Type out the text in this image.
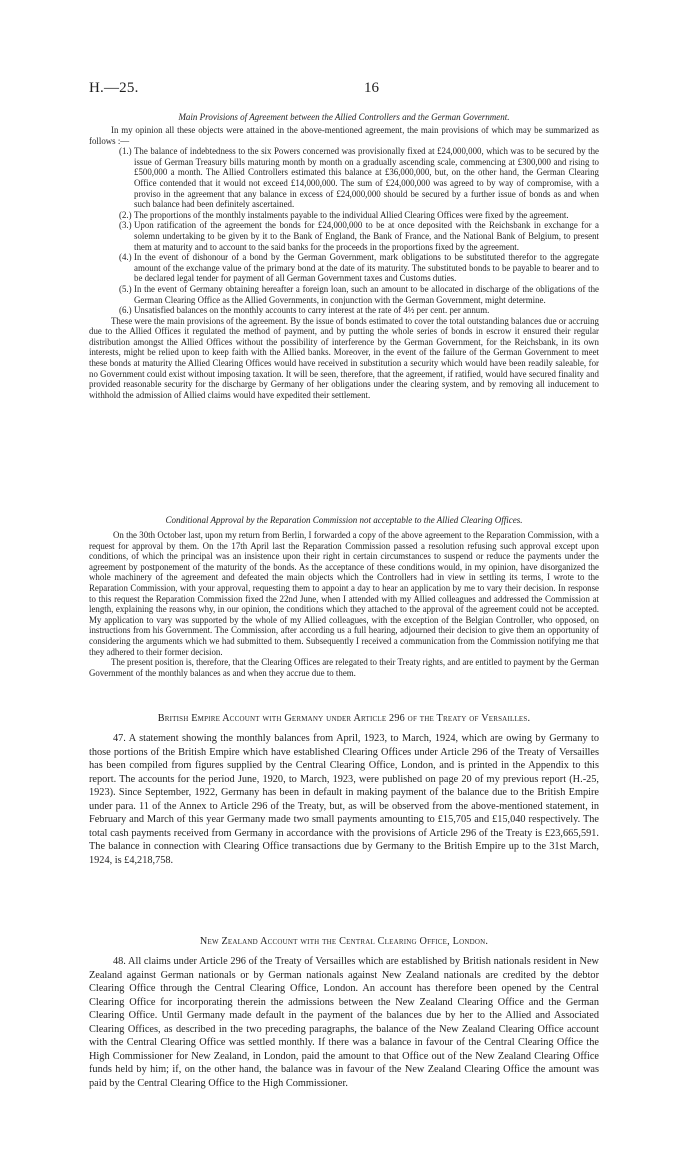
H.—25.	16

Main Provisions of Agreement between the Allied Controllers and the German Government.

In my opinion all these objects were attained in the above-mentioned agreement, the main provisions of which may be summarized as follows :—

(1.) The balance of indebtedness to the six Powers concerned was provisionally fixed at £24,000,000, which was to be secured by the issue of German Treasury bills maturing month by month on a gradually ascending scale, commencing at £300,000 and rising to £500,000 a month. The Allied Controllers estimated this balance at £36,000,000, but, on the other hand, the German Clearing Office contended that it would not exceed £14,000,000. The sum of £24,000,000 was agreed to by way of compromise, with a proviso in the agreement that any balance in excess of £24,000,000 should be secured by a further issue of bonds as and when such balance had been definitely ascertained.
(2.) The proportions of the monthly instalments payable to the individual Allied Clearing Offices were fixed by the agreement.
(3.) Upon ratification of the agreement the bonds for £24,000,000 to be at once deposited with the Reichsbank in exchange for a solemn undertaking to be given by it to the Bank of England, the Bank of France, and the National Bank of Belgium, to present them at maturity and to account to the said banks for the proceeds in the proportions fixed by the agreement.
(4.) In the event of dishonour of a bond by the German Government, mark obligations to be substituted therefor to the aggregate amount of the exchange value of the primary bond at the date of its maturity. The substituted bonds to be payable to bearer and to be declared legal tender for payment of all German Government taxes and Customs duties.
(5.) In the event of Germany obtaining hereafter a foreign loan, such an amount to be allocated in discharge of the obligations of the German Clearing Office as the Allied Governments, in conjunction with the German Government, might determine.
(6.) Unsatisfied balances on the monthly accounts to carry interest at the rate of 4½ per cent. per annum.

These were the main provisions of the agreement. By the issue of bonds estimated to cover the total outstanding balances due or accruing due to the Allied Offices it regulated the method of payment, and by putting the whole series of bonds in escrow it ensured their regular distribution amongst the Allied Offices without the possibility of interference by the German Government, for the Reichsbank, in its own interests, might be relied upon to keep faith with the Allied banks. Moreover, in the event of the failure of the German Government to meet these bonds at maturity the Allied Clearing Offices would have received in substitution a security which would have been readily saleable, for no Government could exist without imposing taxation. It will be seen, therefore, that the agreement, if ratified, would have secured finality and provided reasonable security for the discharge by Germany of her obligations under the clearing system, and by removing all inducement to withhold the admission of Allied claims would have expedited their settlement.

Conditional Approval by the Reparation Commission not acceptable to the Allied Clearing Offices.

On the 30th October last, upon my return from Berlin, I forwarded a copy of the above agreement to the Reparation Commission, with a request for approval by them. On the 17th April last the Reparation Commission passed a resolution refusing such approval except upon conditions, of which the principal was an insistence upon their right in certain circumstances to suspend or reduce the payments under the agreement by postponement of the maturity of the bonds. As the acceptance of these conditions would, in my opinion, have disorganized the whole machinery of the agreement and defeated the main objects which the Controllers had in view in settling its terms, I wrote to the Reparation Commission, with your approval, requesting them to appoint a day to hear an application by me to vary their decision. In response to this request the Reparation Commission fixed the 22nd June, when I attended with my Allied colleagues and addressed the Commission at length, explaining the reasons why, in our opinion, the conditions which they attached to the approval of the agreement could not be accepted. My application to vary was supported by the whole of my Allied colleagues, with the exception of the Belgian Controller, who opposed, on instructions from his Government. The Commission, after according us a full hearing, adjourned their decision to give them an opportunity of considering the arguments which we had submitted to them. Subsequently I received a communication from the Commission notifying me that they adhered to their former decision.

The present position is, therefore, that the Clearing Offices are relegated to their Treaty rights, and are entitled to payment by the German Government of the monthly balances as and when they accrue due to them.

British Empire Account with Germany under Article 296 of the Treaty of Versailles.

47. A statement showing the monthly balances from April, 1923, to March, 1924, which are owing by Germany to those portions of the British Empire which have established Clearing Offices under Article 296 of the Treaty of Versailles has been compiled from figures supplied by the Central Clearing Office, London, and is printed in the Appendix to this report. The accounts for the period June, 1920, to March, 1923, were published on page 20 of my previous report (H.-25, 1923). Since September, 1922, Germany has been in default in making payment of the balance due to the British Empire under para. 11 of the Annex to Article 296 of the Treaty, but, as will be observed from the above-mentioned statement, in February and March of this year Germany made two small payments amounting to £15,705 and £15,040 respectively. The total cash payments received from Germany in accordance with the provisions of Article 296 of the Treaty is £23,665,591. The balance in connection with Clearing Office transactions due by Germany to the British Empire up to the 31st March, 1924, is £4,218,758.

New Zealand Account with the Central Clearing Office, London.

48. All claims under Article 296 of the Treaty of Versailles which are established by British nationals resident in New Zealand against German nationals or by German nationals against New Zealand nationals are credited by the debtor Clearing Office through the Central Clearing Office, London. An account has therefore been opened by the Central Clearing Office for incorporating therein the admissions between the New Zealand Clearing Office and the German Clearing Office. Until Germany made default in the payment of the balances due by her to the Allied and Associated Clearing Offices, as described in the two preceding paragraphs, the balance of the New Zealand Clearing Office account with the Central Clearing Office was settled monthly. If there was a balance in favour of the Central Clearing Office the High Commissioner for New Zealand, in London, paid the amount to that Office out of the New Zealand Clearing Office funds held by him; if, on the other hand, the balance was in favour of the New Zealand Clearing Office the amount was paid by the Central Clearing Office to the High Commissioner.
